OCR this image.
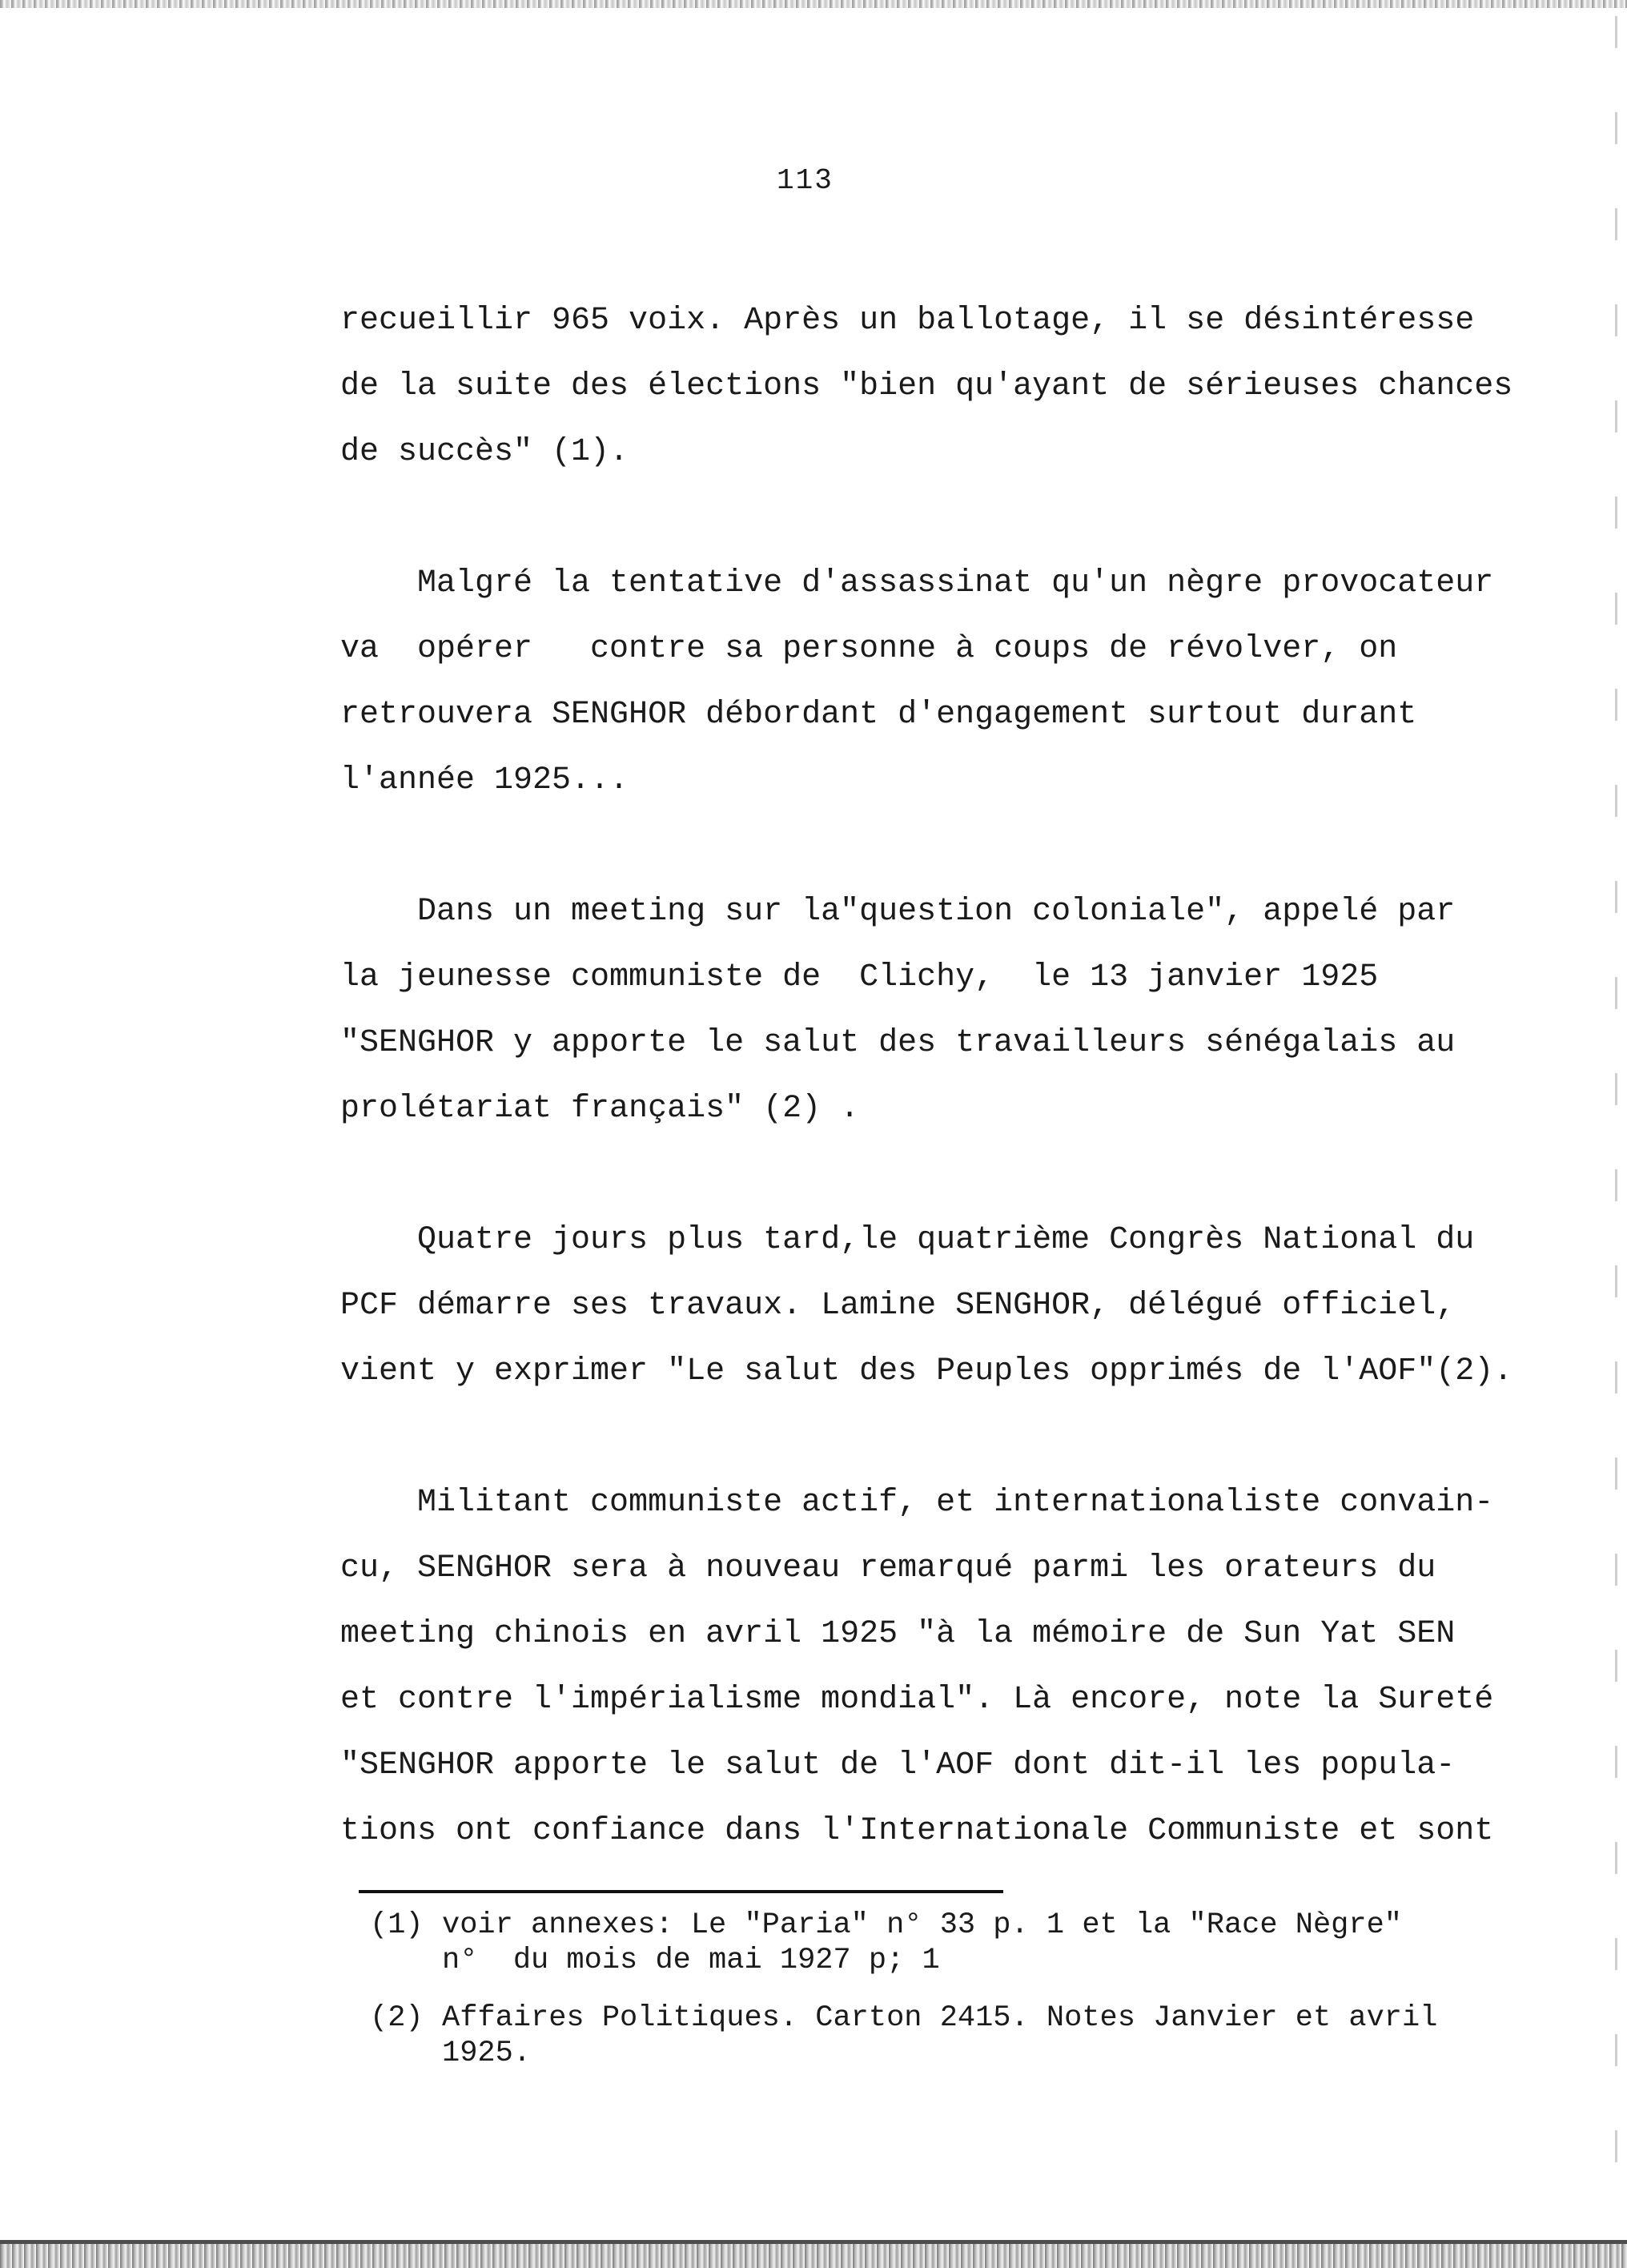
113
recueillir 965 voix. Après un ballotage, il se désintéresse
de la suite des élections "bien qu'ayant de sérieuses chances
de succès" (1).
Malgré la tentative d'assassinat qu'un nègre provocateur
va  opérer   contre sa personne à coups de révolver, on
retrouvera SENGHOR débordant d'engagement surtout durant
l'année 1925...
Dans un meeting sur la"question coloniale", appelé par
la jeunesse communiste de  Clichy,  le 13 janvier 1925
"SENGHOR y apporte le salut des travailleurs sénégalais au
prolétariat français" (2) .
Quatre jours plus tard,le quatrième Congrès National du
PCF démarre ses travaux. Lamine SENGHOR, délégué officiel,
vient y exprimer "Le salut des Peuples opprimés de l'AOF"(2).
Militant communiste actif, et internationaliste convain-
cu, SENGHOR sera à nouveau remarqué parmi les orateurs du
meeting chinois en avril 1925 "à la mémoire de Sun Yat SEN
et contre l'impérialisme mondial". Là encore, note la Sureté
"SENGHOR apporte le salut de l'AOF dont dit-il les popula-
tions ont confiance dans l'Internationale Communiste et sont
(1) voir annexes: Le "Paria" n° 33 p. 1 et la "Race Nègre"
n°  du mois de mai 1927 p; 1
(2) Affaires Politiques. Carton 2415. Notes Janvier et avril
1925.
